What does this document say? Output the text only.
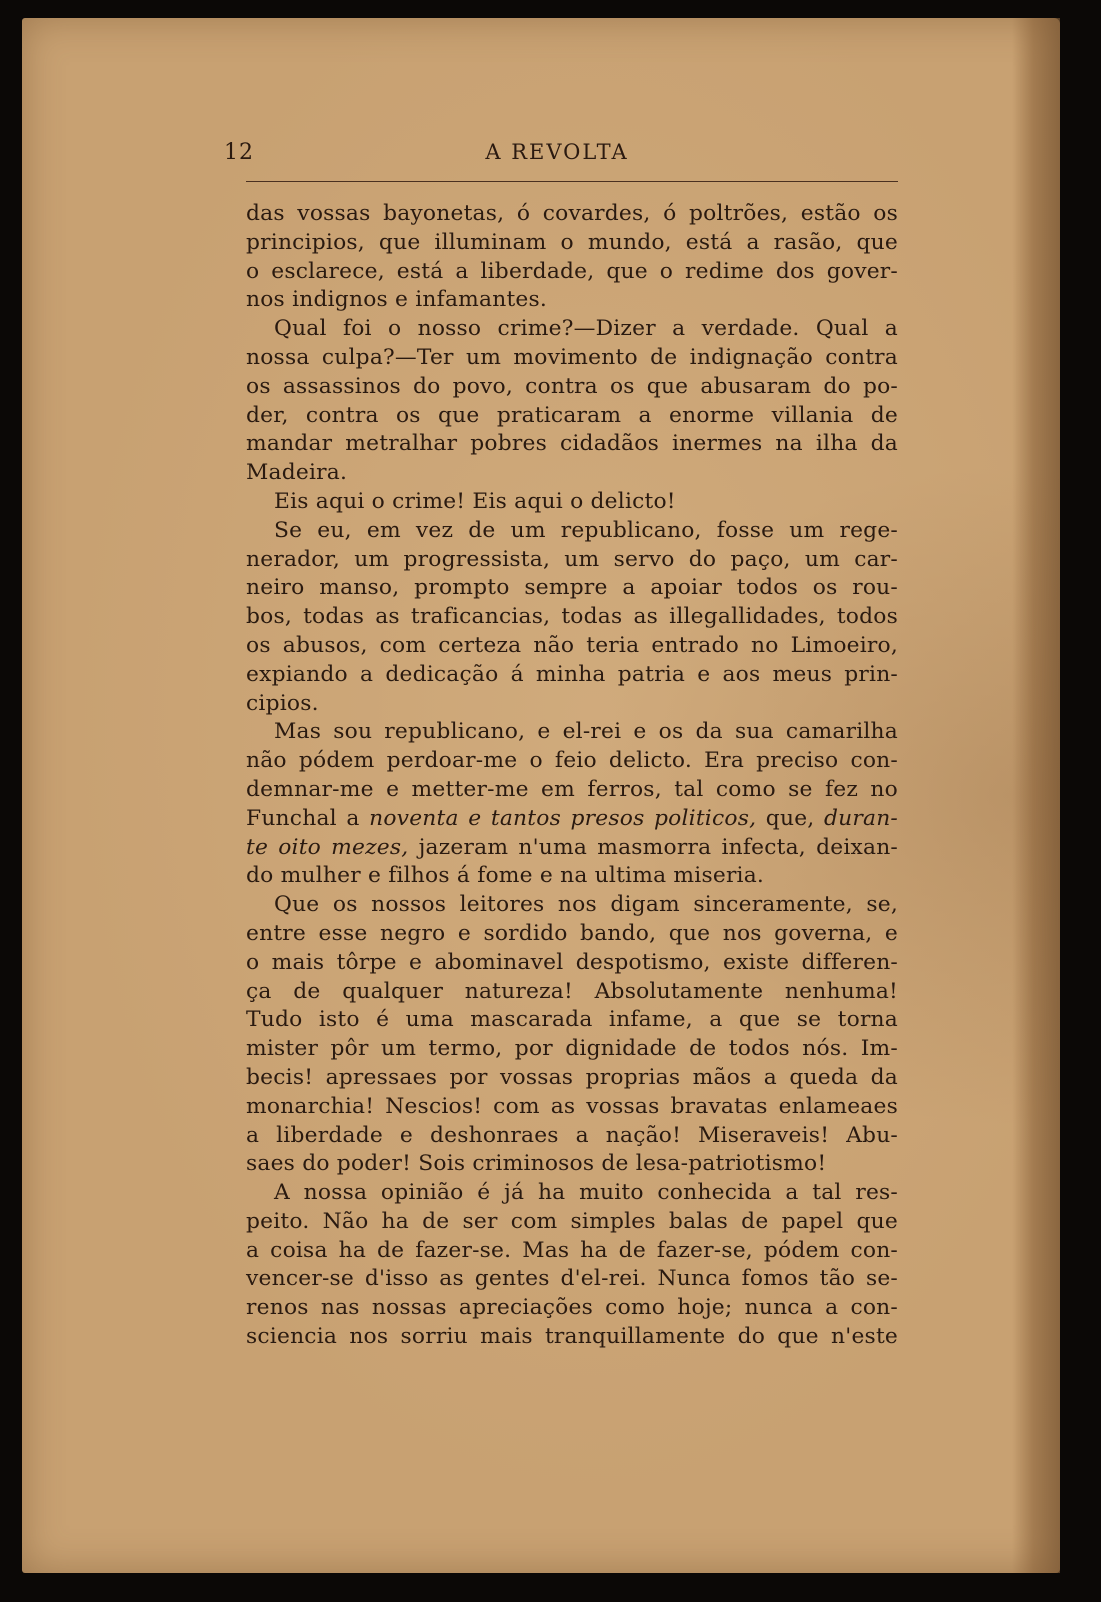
12	A REVOLTA
das vossas bayonetas, ó covardes, ó poltrões, estão os
principios, que illuminam o mundo, está a rasão, que
o esclarece, está a liberdade, que o redime dos gover-
nos indignos e infamantes.
Qual foi o nosso crime?—Dizer a verdade. Qual a
nossa culpa?—Ter um movimento de indignação contra
os assassinos do povo, contra os que abusaram do po-
der, contra os que praticaram a enorme villania de
mandar metralhar pobres cidadãos inermes na ilha da
Madeira.
Eis aqui o crime! Eis aqui o delicto!
Se eu, em vez de um republicano, fosse um rege-
nerador, um progressista, um servo do paço, um car-
neiro manso, prompto sempre a apoiar todos os rou-
bos, todas as traficancias, todas as illegallidades, todos
os abusos, com certeza não teria entrado no Limoeiro,
expiando a dedicação á minha patria e aos meus prin-
cipios.
Mas sou republicano, e el-rei e os da sua camarilha
não pódem perdoar-me o feio delicto. Era preciso con-
demnar-me e metter-me em ferros, tal como se fez no
Funchal a noventa e tantos presos politicos, que, duran-
te oito mezes, jazeram n'uma masmorra infecta, deixan-
do mulher e filhos á fome e na ultima miseria.
Que os nossos leitores nos digam sinceramente, se,
entre esse negro e sordido bando, que nos governa, e
o mais tôrpe e abominavel despotismo, existe differen-
ça de qualquer natureza! Absolutamente nenhuma!
Tudo isto é uma mascarada infame, a que se torna
mister pôr um termo, por dignidade de todos nós. Im-
becis! apressaes por vossas proprias mãos a queda da
monarchia! Nescios! com as vossas bravatas enlameaes
a liberdade e deshonraes a nação! Miseraveis! Abu-
saes do poder! Sois criminosos de lesa-patriotismo!
A nossa opinião é já ha muito conhecida a tal res-
peito. Não ha de ser com simples balas de papel que
a coisa ha de fazer-se. Mas ha de fazer-se, pódem con-
vencer-se d'isso as gentes d'el-rei. Nunca fomos tão se-
renos nas nossas apreciações como hoje; nunca a con-
sciencia nos sorriu mais tranquillamente do que n'este
